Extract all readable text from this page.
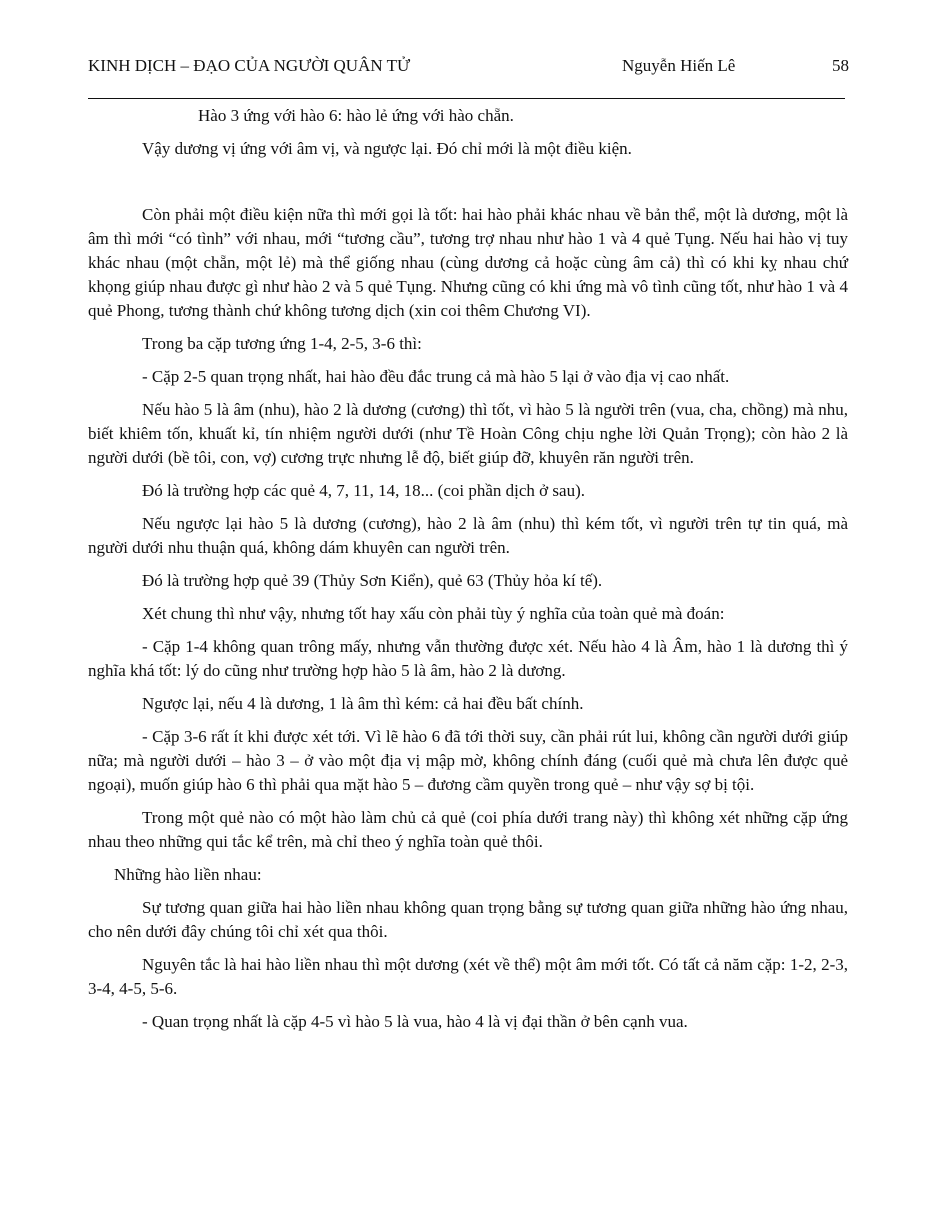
KINH DỊCH – ĐẠO CỦA NGƯỜI QUÂN TỬ	Nguyễn Hiến Lê	58

Hào 3 ứng với hào 6: hào lẻ ứng với hào chẵn.

Vậy dương vị ứng với âm vị, và ngược lại. Đó chỉ mới là một điều kiện.

Còn phải một điều kiện nữa thì mới gọi là tốt: hai hào phải khác nhau về bản thể, một là dương, một là âm thì mới “có tình” với nhau, mới “tương cầu”, tương trợ nhau như hào 1 và 4 quẻ Tụng. Nếu hai hào vị tuy khác nhau (một chẵn, một lẻ) mà thể giống nhau (cùng dương cả hoặc cùng âm cả) thì có khi kỵ nhau chứ khọng giúp nhau được gì như hào 2 và 5 quẻ Tụng. Nhưng cũng có khi ứng mà vô tình cũng tốt, như hào 1 và 4 quẻ Phong, tương thành chứ không tương dịch (xin coi thêm Chương VI).

Trong ba cặp tương ứng 1-4, 2-5, 3-6 thì:

- Cặp 2-5 quan trọng nhất, hai hào đều đắc trung cả mà hào 5 lại ở vào địa vị cao nhất.

Nếu hào 5 là âm (nhu), hào 2 là dương (cương) thì tốt, vì hào 5 là người trên (vua, cha, chồng) mà nhu, biết khiêm tốn, khuất kỉ, tín nhiệm người dưới (như Tề Hoàn Công chịu nghe lời Quản Trọng); còn hào 2 là người dưới (bề tôi, con, vợ) cương trực nhưng lễ độ, biết giúp đỡ, khuyên răn người trên.

Đó là trường hợp các quẻ 4, 7, 11, 14, 18... (coi phần dịch ở sau).

Nếu ngược lại hào 5 là dương (cương), hào 2 là âm (nhu) thì kém tốt, vì người trên tự tin quá, mà người dưới nhu thuận quá, không dám khuyên can người trên.

Đó là trường hợp quẻ 39 (Thủy Sơn Kiển), quẻ 63 (Thủy hỏa kí tế).

Xét chung thì như vậy, nhưng tốt hay xấu còn phải tùy ý nghĩa của toàn quẻ mà đoán:

- Cặp 1-4 không quan trông mấy, nhưng vẫn thường được xét. Nếu hào 4 là Âm, hào 1 là dương thì ý nghĩa khá tốt: lý do cũng như trường hợp hào 5 là âm, hào 2 là dương.

Ngược lại, nếu 4 là dương, 1 là âm thì kém: cả hai đều bất chính.

- Cặp 3-6 rất ít khi được xét tới. Vì lẽ hào 6 đã tới thời suy, cần phải rút lui, không cần người dưới giúp nữa; mà người dưới – hào 3 – ở vào một địa vị mập mờ, không chính đáng (cuối quẻ mà chưa lên được quẻ ngoại), muốn giúp hào 6 thì phải qua mặt hào 5 – đương cầm quyền trong quẻ – như vậy sợ bị tội.

Trong một quẻ nào có một hào làm chủ cả quẻ (coi phía dưới trang này) thì không xét những cặp ứng nhau theo những qui tắc kể trên, mà chỉ theo ý nghĩa toàn quẻ thôi.

Những hào liền nhau:

Sự tương quan giữa hai hào liền nhau không quan trọng bằng sự tương quan giữa những hào ứng nhau, cho nên dưới đây chúng tôi chỉ xét qua thôi.

Nguyên tắc là hai hào liền nhau thì một dương (xét về thể) một âm mới tốt. Có tất cả năm cặp: 1-2, 2-3, 3-4, 4-5, 5-6.

- Quan trọng nhất là cặp 4-5 vì hào 5 là vua, hào 4 là vị đại thần ở bên cạnh vua.
